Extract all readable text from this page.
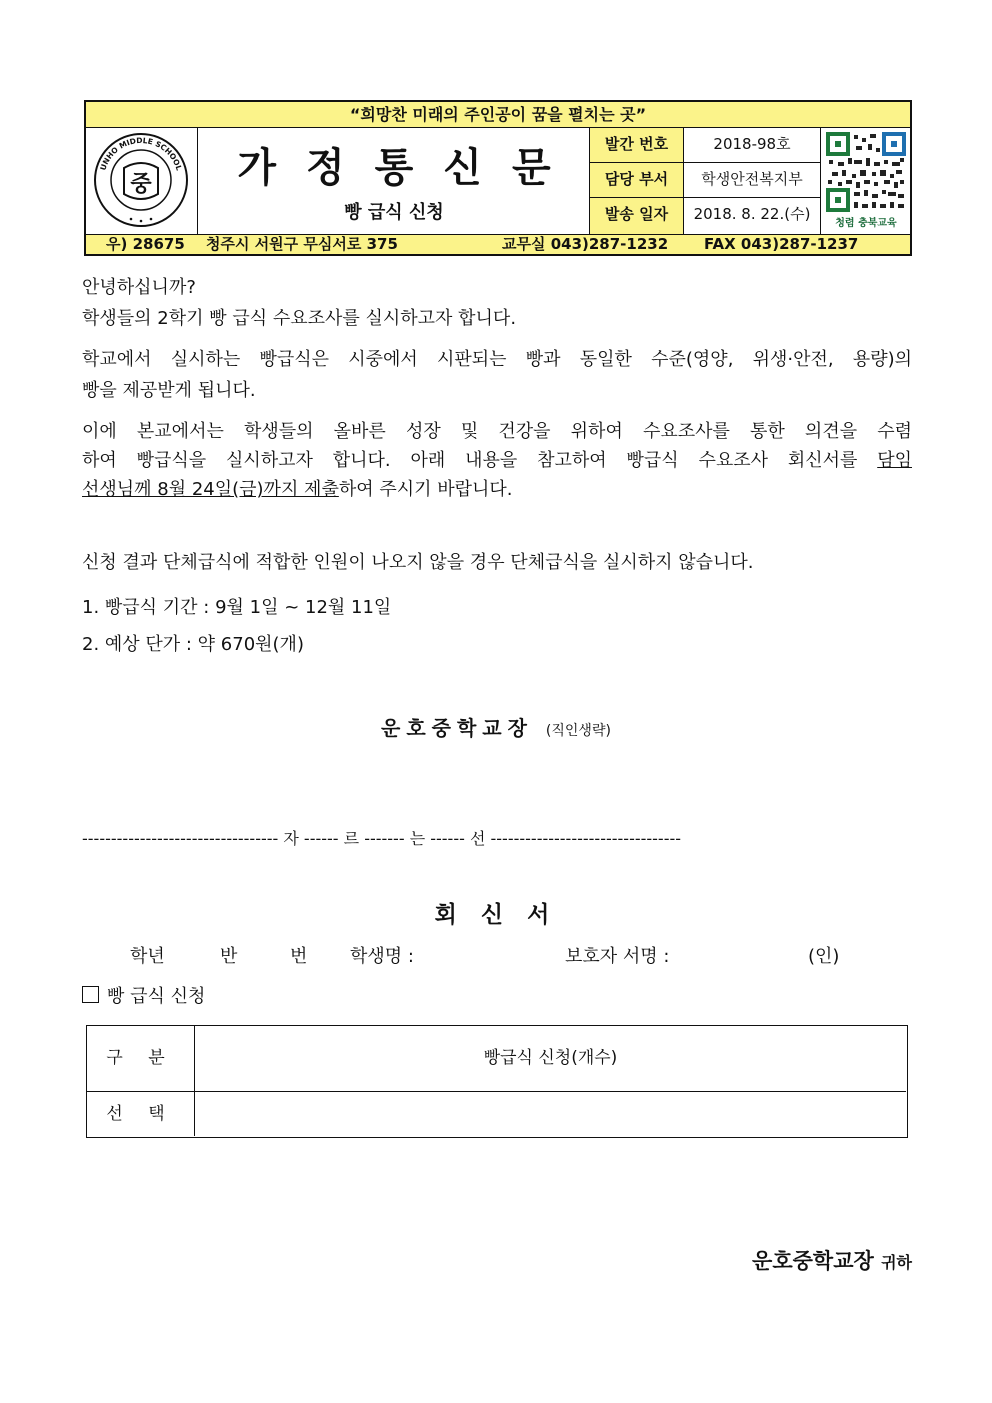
“희망찬 미래의 주인공이 꿈을 펼치는 곳”
UNHO MIDDLE SCHOOL
중	가정통신문
빵 급식 신청
발간 번호	2018-98호
담당 부서	학생안전복지부
발송 일자	2018. 8. 22.(수)
청렴 충북교육
우) 28675 청주시 서원구 무심서로 375	교무실 043)287-1232 FAX 043)287-1237
안녕하십니까?
학생들의 2학기 빵 급식 수요조사를 실시하고자 합니다.
학교에서 실시하는 빵급식은 시중에서 시판되는 빵과 동일한 수준(영양, 위생·안전, 용량)의
빵을 제공받게 됩니다.
이에 본교에서는 학생들의 올바른 성장 및 건강을 위하여 수요조사를 통한 의견을 수렴
하여 빵급식을 실시하고자 합니다. 아래 내용을 참고하여 빵급식 수요조사 회신서를 담임
선생님께 8월 24일(금)까지 제출하여 주시기 바랍니다.
신청 결과 단체급식에 적합한 인원이 나오지 않을 경우 단체급식을 실시하지 않습니다.
1. 빵급식 기간 : 9월 1일 ~ 12월 11일
2. 예상 단가 : 약 670원(개)
운호중학교장 (직인생략)
---------------------------------- 자 ------ 르 ------- 는 ------ 선 ---------------------------------
회 신 서
학년	반	번 학생명 :	보호자 서명 :	(인)
빵 급식 신청
구 분	빵급식 신청(개수)
선 택
운호중학교장 귀하
